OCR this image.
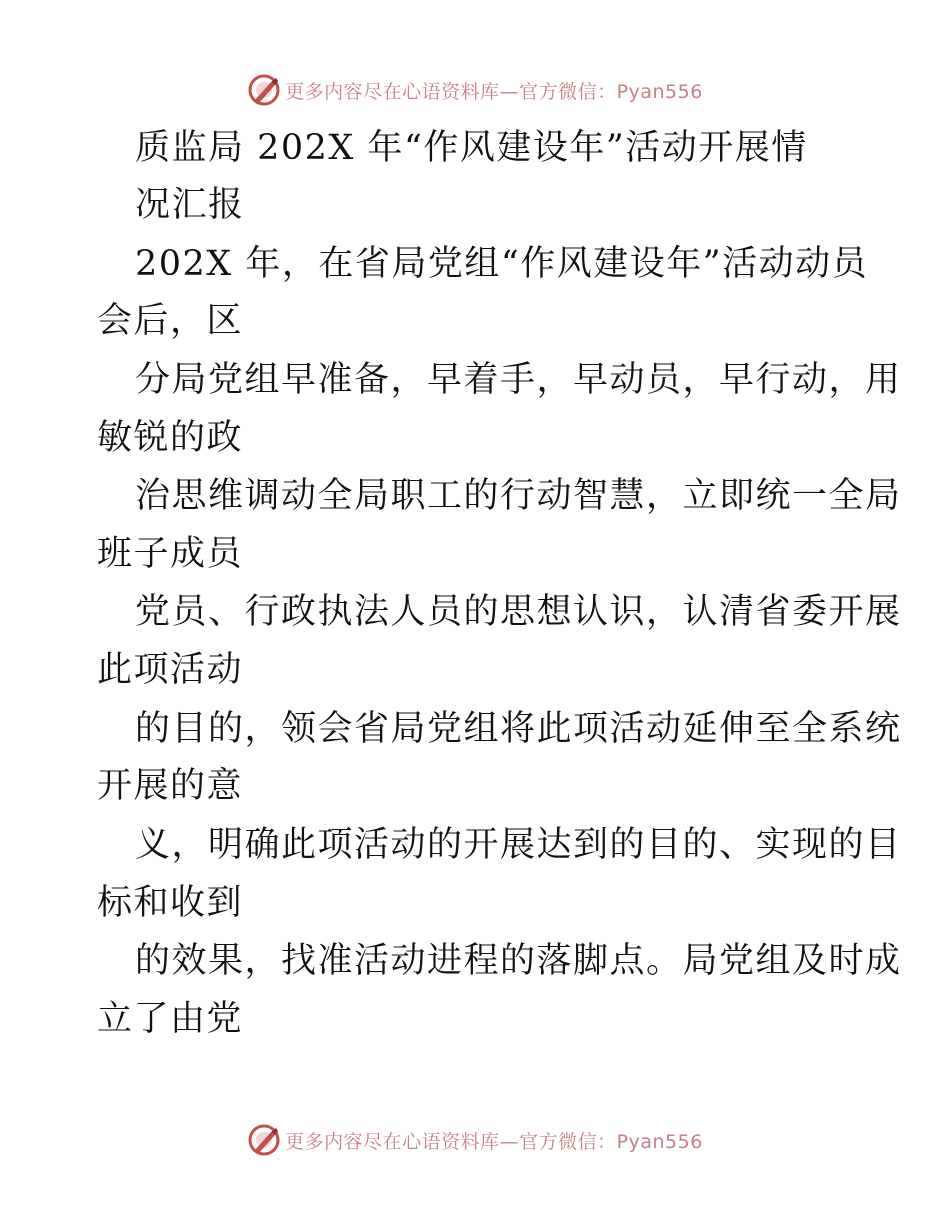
更多内容尽在心语资料库—官方微信：Pyan556
质监局 202X 年“作风建设年”活动开展情
况汇报
202X 年，在省局党组“作风建设年”活动动员
会后，区
分局党组早准备，早着手，早动员，早行动，用
敏锐的政
治思维调动全局职工的行动智慧，立即统一全局
班子成员
党员、行政执法人员的思想认识，认清省委开展
此项活动
的目的，领会省局党组将此项活动延伸至全系统
开展的意
义，明确此项活动的开展达到的目的、实现的目
标和收到
的效果，找准活动进程的落脚点。局党组及时成
立了由党
更多内容尽在心语资料库—官方微信：Pyan556
